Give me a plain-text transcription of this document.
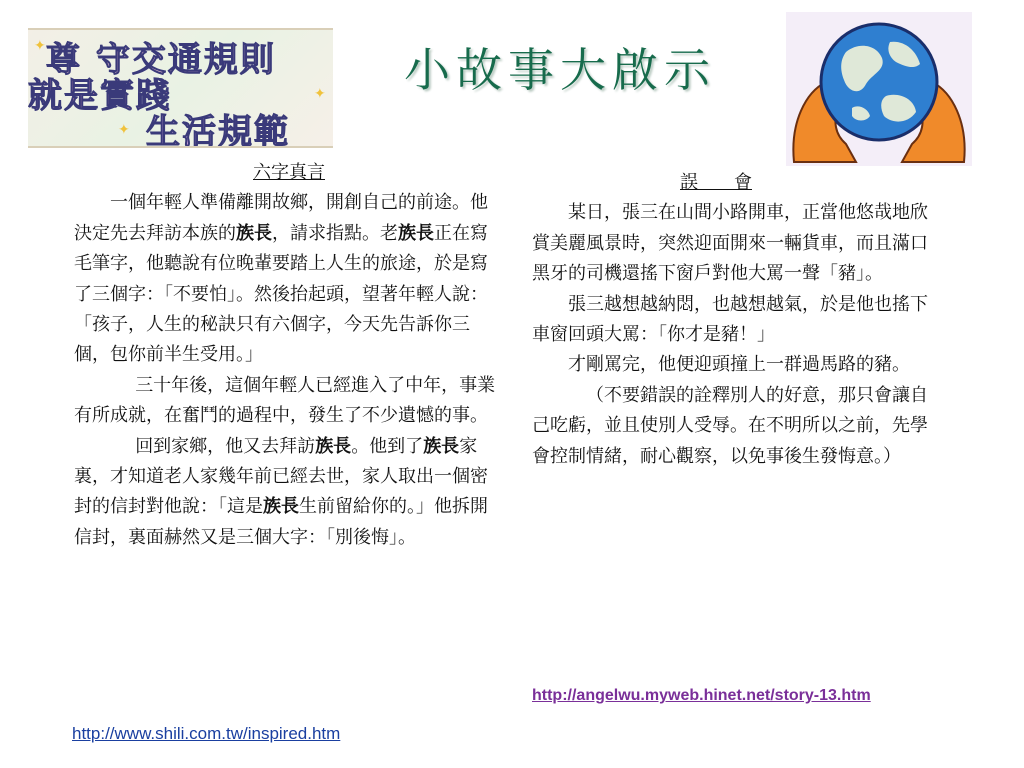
✦
✦
✦
尊 守交通規則
就是實踐
生活規範
小故事大啟示

六字真言

一個年輕人準備離開故鄉，開創自己的前途。他決定先去拜訪本族的族長，請求指點。老族長正在寫毛筆字，他聽說有位晚輩要踏上人生的旅途，於是寫了三個字：「不要怕」。然後抬起頭，望著年輕人說：「孩子，人生的秘訣只有六個字，今天先告訴你三個，包你前半生受用。」

三十年後，這個年輕人已經進入了中年，事業有所成就，在奮鬥的過程中，發生了不少遺憾的事。

回到家鄉，他又去拜訪族長。他到了族長家裏，才知道老人家幾年前已經去世，家人取出一個密封的信封對他說：「這是族長生前留給你的。」他拆開信封，裏面赫然又是三個大字：「別後悔」。

http://www.shili.com.tw/inspired.htm

誤　　會

某日，張三在山間小路開車，正當他悠哉地欣賞美麗風景時，突然迎面開來一輛貨車，而且滿口黑牙的司機還搖下窗戶對他大罵一聲「豬」。

張三越想越納悶，也越想越氣，於是他也搖下車窗回頭大罵：「你才是豬！」

才剛罵完，他便迎頭撞上一群過馬路的豬。

（不要錯誤的詮釋別人的好意，那只會讓自己吃虧，並且使別人受辱。在不明所以之前，先學會控制情緒，耐心觀察，以免事後生發悔意。）

http://angelwu.myweb.hinet.net/story-13.htm
